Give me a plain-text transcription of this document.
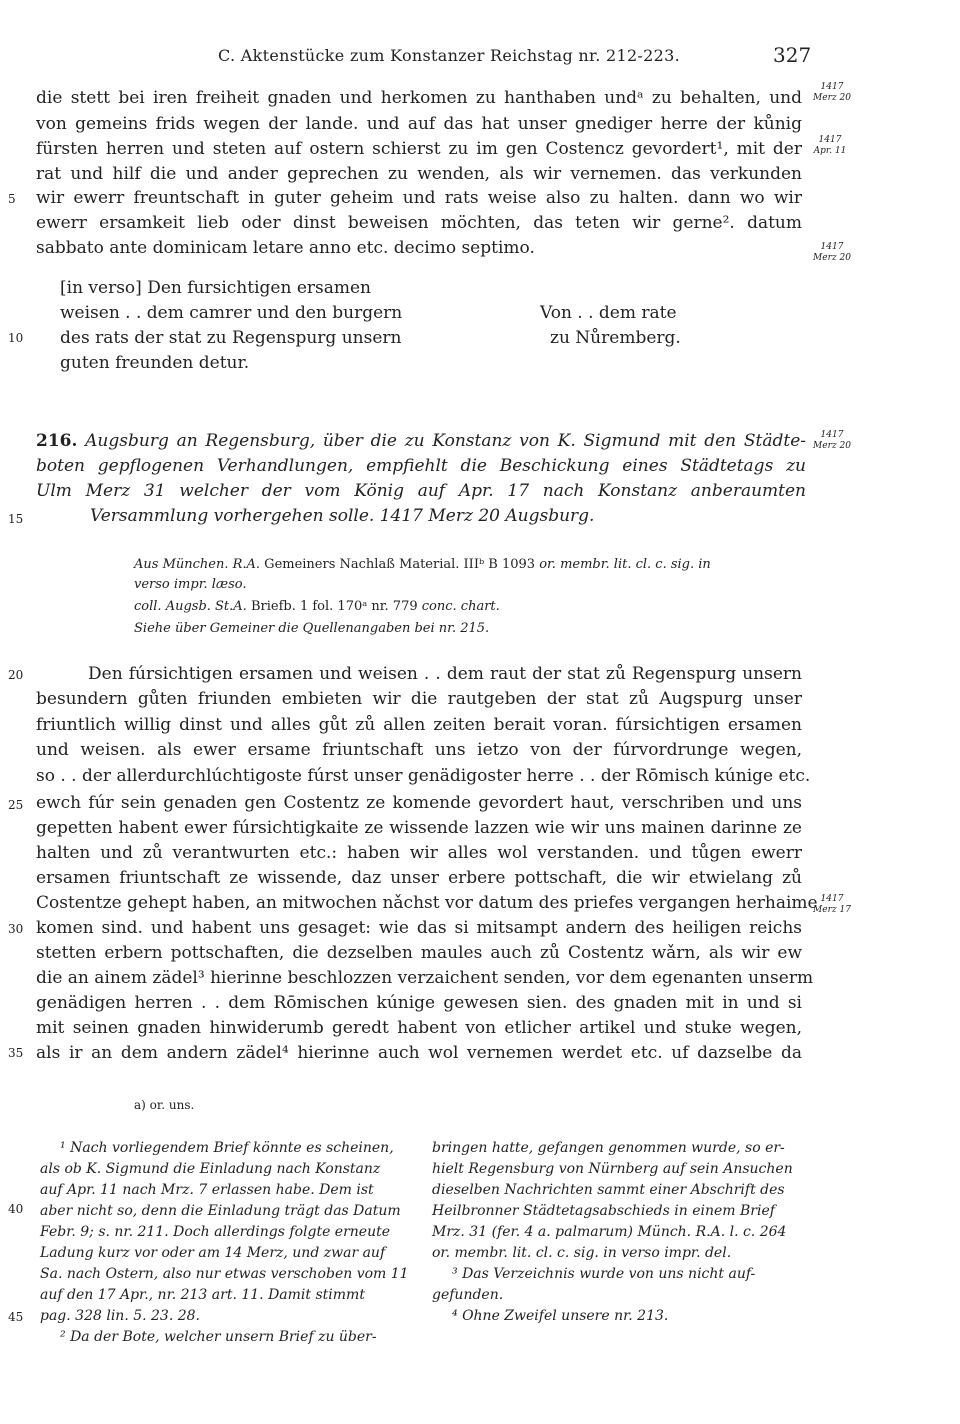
C. Aktenstücke zum Konstanzer Reichstag nr. 212-223.	327
die stett bei iren freiheit gnaden und herkomen zu hanthaben undᵃ zu behalten, und
von gemeins frids wegen der lande. und auf das hat unser gnediger herre der kůnig
fürsten herren und steten auf ostern schierst zu im gen Costencz gevordert¹, mit der
rat und hilf die und ander geprechen zu wenden, als wir vernemen. das verkunden
wir ewerr freuntschaft in guter geheim und rats weise also zu halten. dann wo wir
ewerr ersamkeit lieb oder dinst beweisen möchten, das teten wir gerne². datum
sabbato ante dominicam letare anno etc. decimo septimo.
1417
Merz 20
1417
Apr. 11
1417
Merz 20
[in verso] Den fursichtigen ersamen
weisen . . dem camrer und den burgern
des rats der stat zu Regenspurg unsern
guten freunden detur.
Von . . dem rate
zu Nůremberg.
5
10
15
20
25
30
35
40
45
216. Augsburg an Regensburg, über die zu Konstanz von K. Sigmund mit den Städte-
boten gepflogenen Verhandlungen, empfiehlt die Beschickung eines Städtetags zu
Ulm Merz 31 welcher der vom König auf Apr. 17 nach Konstanz anberaumten
Versammlung vorhergehen solle. 1417 Merz 20 Augsburg.
1417
Merz 20
Aus München. R.A. Gemeiners Nachlaß Material. IIIᵇ B 1093 or. membr. lit. cl. c. sig. in
verso impr. læso.
coll. Augsb. St.A. Briefb. 1 fol. 170ᵃ nr. 779 conc. chart.
Siehe über Gemeiner die Quellenangaben bei nr. 215.
Den fúrsichtigen ersamen und weisen . . dem raut der stat zů Regenspurg unsern
besundern gůten friunden embieten wir die rautgeben der stat zů Augspurg unser
friuntlich willig dinst und alles gůt zů allen zeiten berait voran. fúrsichtigen ersamen
und weisen. als ewer ersame friuntschaft uns ietzo von der fúrvordrunge wegen,
so . . der allerdurchlúchtigoste fúrst unser genädigoster herre . . der Rōmisch kúnige etc.
ewch fúr sein genaden gen Costentz ze komende gevordert haut, verschriben und uns
gepetten habent ewer fúrsichtigkaite ze wissende lazzen wie wir uns mainen darinne ze
halten und zů verantwurten etc.: haben wir alles wol verstanden. und tůgen ewerr
ersamen friuntschaft ze wissende, daz unser erbere pottschaft, die wir etwielang zů
Costentze gehept haben, an mitwochen nǎchst vor datum des priefes vergangen herhaime
komen sind. und habent uns gesaget: wie das si mitsampt andern des heiligen reichs
stetten erbern pottschaften, die dezselben maules auch zů Costentz wǎrn, als wir ew
die an ainem zädel³ hierinne beschlozzen verzaichent senden, vor dem egenanten unserm
genädigen herren . . dem Rōmischen kúnige gewesen sien. des gnaden mit in und si
mit seinen gnaden hinwiderumb geredt habent von etlicher artikel und stuke wegen,
als ir an dem andern zädel⁴ hierinne auch wol vernemen werdet etc. uf dazselbe da
1417
Merz 17
a) or. uns.
¹ Nach vorliegendem Brief könnte es scheinen,
als ob K. Sigmund die Einladung nach Konstanz
auf Apr. 11 nach Mrz. 7 erlassen habe. Dem ist
aber nicht so, denn die Einladung trägt das Datum
Febr. 9; s. nr. 211. Doch allerdings folgte erneute
Ladung kurz vor oder am 14 Merz, und zwar auf
Sa. nach Ostern, also nur etwas verschoben vom 11
auf den 17 Apr., nr. 213 art. 11. Damit stimmt
pag. 328 lin. 5. 23. 28.
² Da der Bote, welcher unsern Brief zu über-
bringen hatte, gefangen genommen wurde, so er-
hielt Regensburg von Nürnberg auf sein Ansuchen
dieselben Nachrichten sammt einer Abschrift des
Heilbronner Städtetagsabschieds in einem Brief
Mrz. 31 (fer. 4 a. palmarum) Münch. R.A. l. c. 264
or. membr. lit. cl. c. sig. in verso impr. del.
³ Das Verzeichnis wurde von uns nicht auf-
gefunden.
⁴ Ohne Zweifel unsere nr. 213.
